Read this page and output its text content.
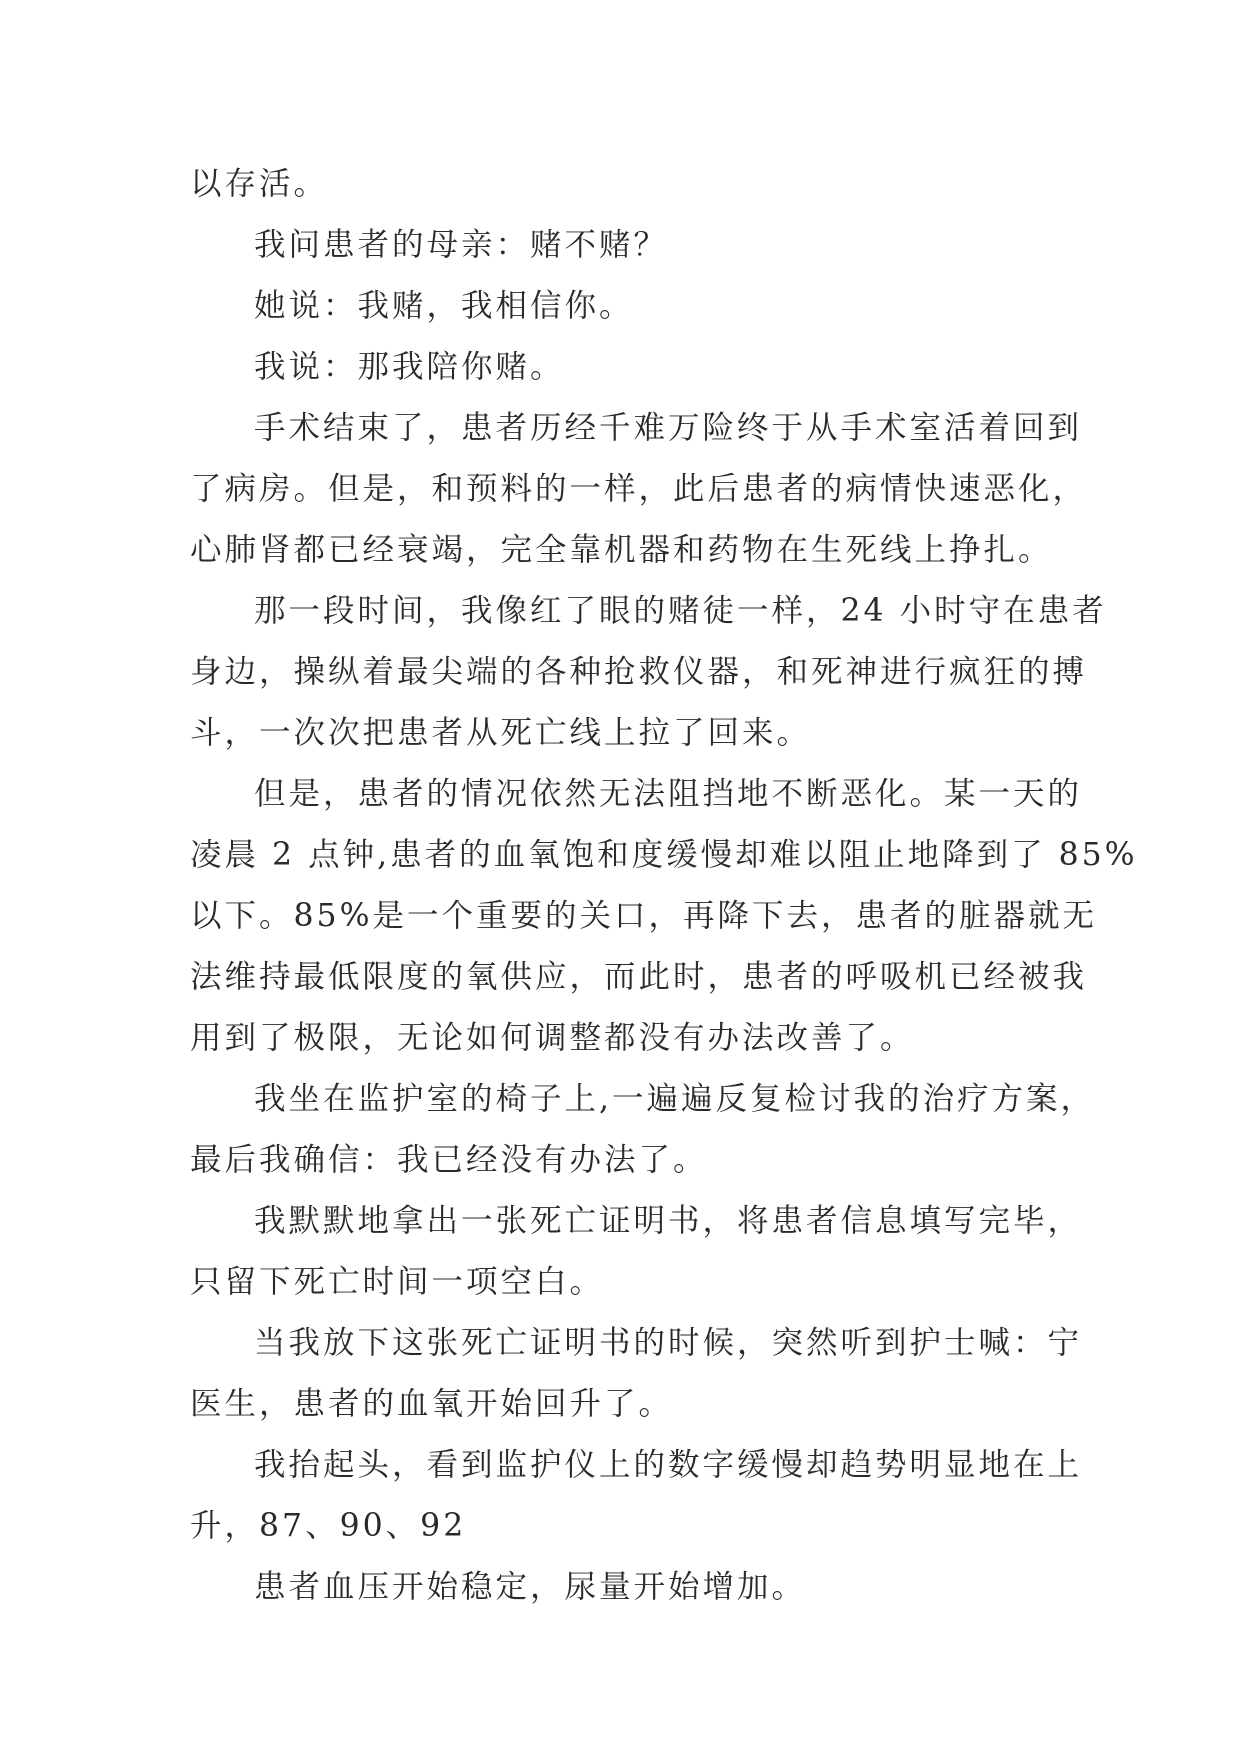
以存活。
我问患者的母亲：赌不赌？
她说：我赌，我相信你。
我说：那我陪你赌。
手术结束了，患者历经千难万险终于从手术室活着回到
了病房。但是，和预料的一样，此后患者的病情快速恶化，
心肺肾都已经衰竭，完全靠机器和药物在生死线上挣扎。
那一段时间，我像红了眼的赌徒一样，24 小时守在患者
身边，操纵着最尖端的各种抢救仪器，和死神进行疯狂的搏
斗，一次次把患者从死亡线上拉了回来。
但是，患者的情况依然无法阻挡地不断恶化。某一天的
凌晨 2 点钟,患者的血氧饱和度缓慢却难以阻止地降到了 85%
以下。85%是一个重要的关口，再降下去，患者的脏器就无
法维持最低限度的氧供应，而此时，患者的呼吸机已经被我
用到了极限，无论如何调整都没有办法改善了。
我坐在监护室的椅子上,一遍遍反复检讨我的治疗方案，
最后我确信：我已经没有办法了。
我默默地拿出一张死亡证明书，将患者信息填写完毕，
只留下死亡时间一项空白。
当我放下这张死亡证明书的时候，突然听到护士喊：宁
医生，患者的血氧开始回升了。
我抬起头，看到监护仪上的数字缓慢却趋势明显地在上
升，87、90、92
患者血压开始稳定，尿量开始增加。
